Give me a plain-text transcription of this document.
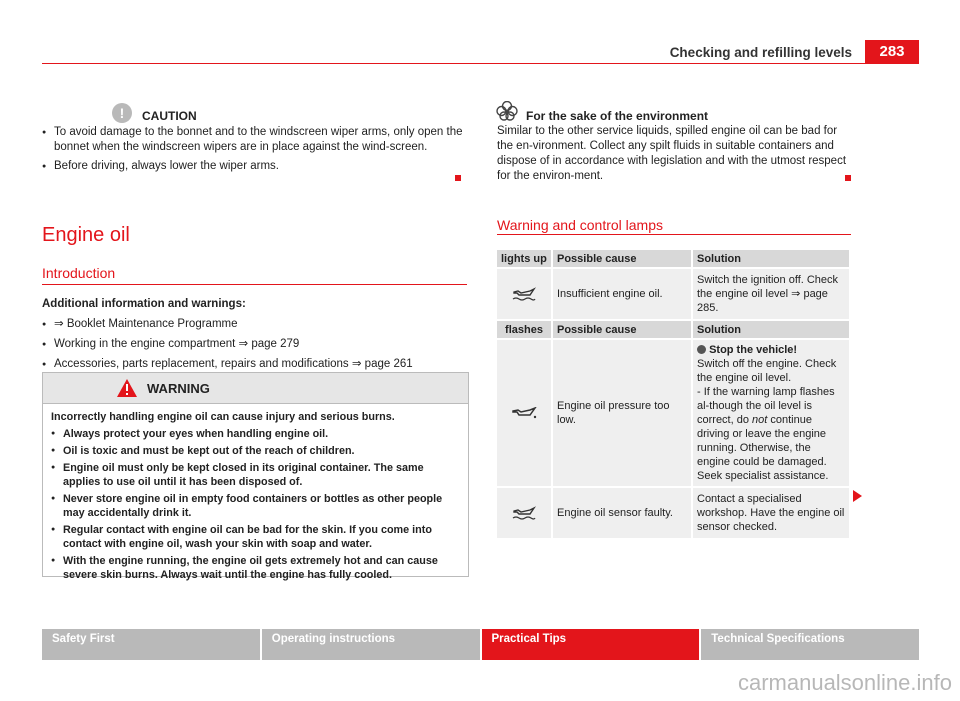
Checking and refilling levels	283
!	CAUTION

● To avoid damage to the bonnet and to the windscreen wiper arms, only open the bonnet when the windscreen wipers are in place against the wind-screen.

● Before driving, always lower the wiper arms.

Engine oil
Introduction

Additional information and warnings:

● ⇒ Booklet Maintenance Programme

● Working in the engine compartment ⇒ page 279

● Accessories, parts replacement, repairs and modifications ⇒ page 261

WARNING

Incorrectly handling engine oil can cause injury and serious burns.

● Always protect your eyes when handling engine oil.

● Oil is toxic and must be kept out of the reach of children.

● Engine oil must only be kept closed in its original container. The same applies to use oil until it has been disposed of.

● Never store engine oil in empty food containers or bottles as other people may accidentally drink it.

● Regular contact with engine oil can be bad for the skin. If you come into contact with engine oil, wash your skin with soap and water.

● With the engine running, the engine oil gets extremely hot and can cause severe skin burns. Always wait until the engine has fully cooled.

For the sake of the environment
Similar to the other service liquids, spilled engine oil can be bad for the en-vironment. Collect any spilt fluids in suitable containers and dispose of in accordance with legislation and with the utmost respect for the environ-ment.
Warning and control lamps
lights up	Possible cause	Solution

	Insufficient engine oil.	Switch the ignition off. Check the engine oil level ⇒ page 285.
flashes	Possible cause	Solution

	Engine oil pressure too low.	Stop the vehicle!
Switch off the engine. Check the engine oil level.
- If the warning lamp flashes al-though the oil level is correct, do not continue driving or leave the engine running. Otherwise, the engine could be damaged. Seek specialist assistance.

	Engine oil sensor faulty.	Contact a specialised workshop. Have the engine oil sensor checked.
Safety First	Operating instructions	Practical Tips	Technical Specifications
carmanualsonline.info
